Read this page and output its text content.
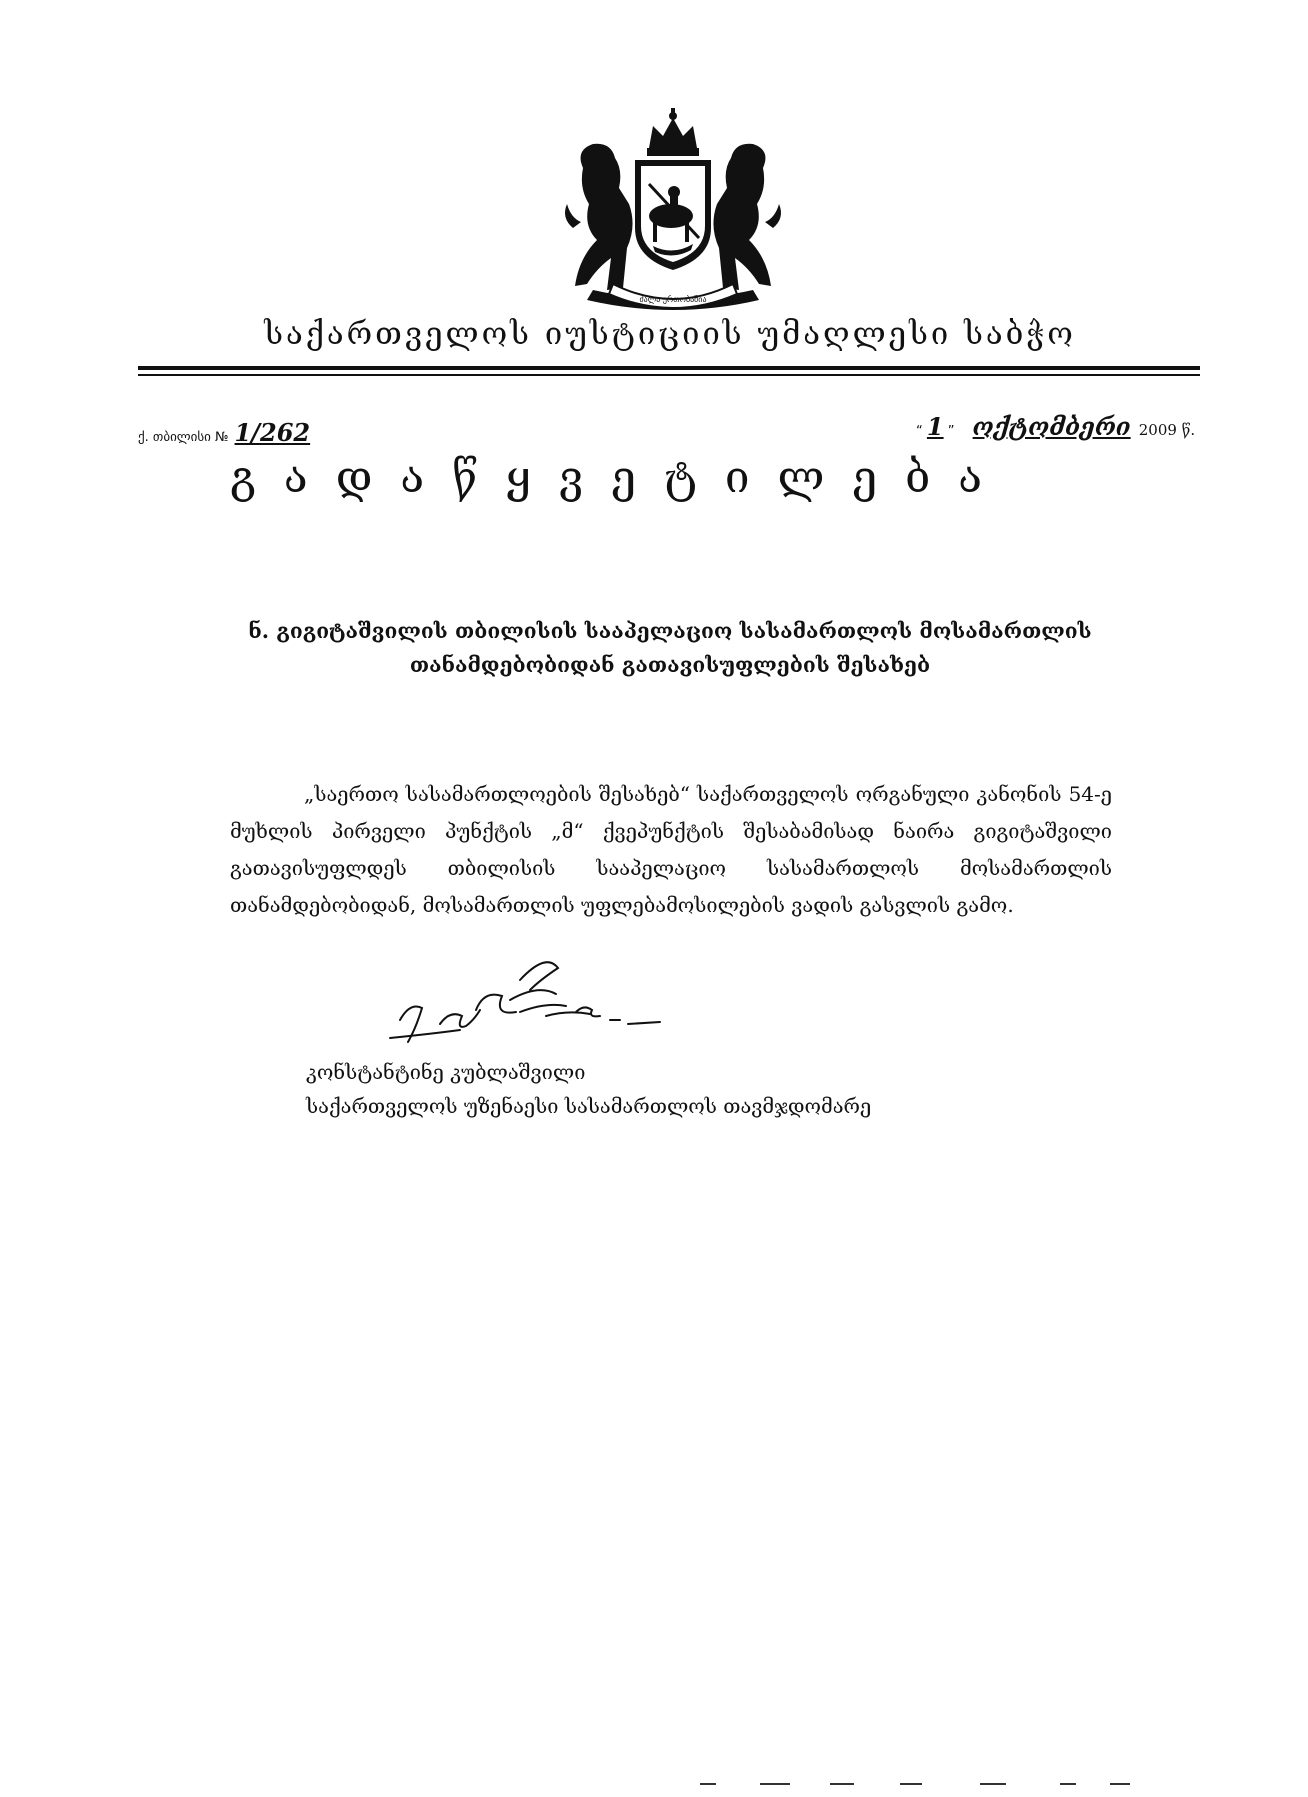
ძალა ერთობაშია
საქართველოს იუსტიციის უმაღლესი საბჭო
ქ. თბილისი № 1/262	“ 1 ” ოქტომბერი 2009 წ.
გადაწყვეტილება
ნ. გიგიტაშვილის თბილისის სააპელაციო სასამართლოს მოსამართლის
თანამდებობიდან გათავისუფლების შესახებ
„საერთო სასამართლოების შესახებ“ საქართველოს ორგანული კანონის 54-ე მუხლის პირველი პუნქტის „მ“ ქვეპუნქტის შესაბამისად ნაირა გიგიტაშვილი გათავისუფლდეს თბილისის სააპელაციო სასამართლოს მოსამართლის თანამდებობიდან, მოსამართლის უფლებამოსილების ვადის გასვლის გამო.
კონსტანტინე კუბლაშვილი
საქართველოს უზენაესი სასამართლოს თავმჯდომარე
